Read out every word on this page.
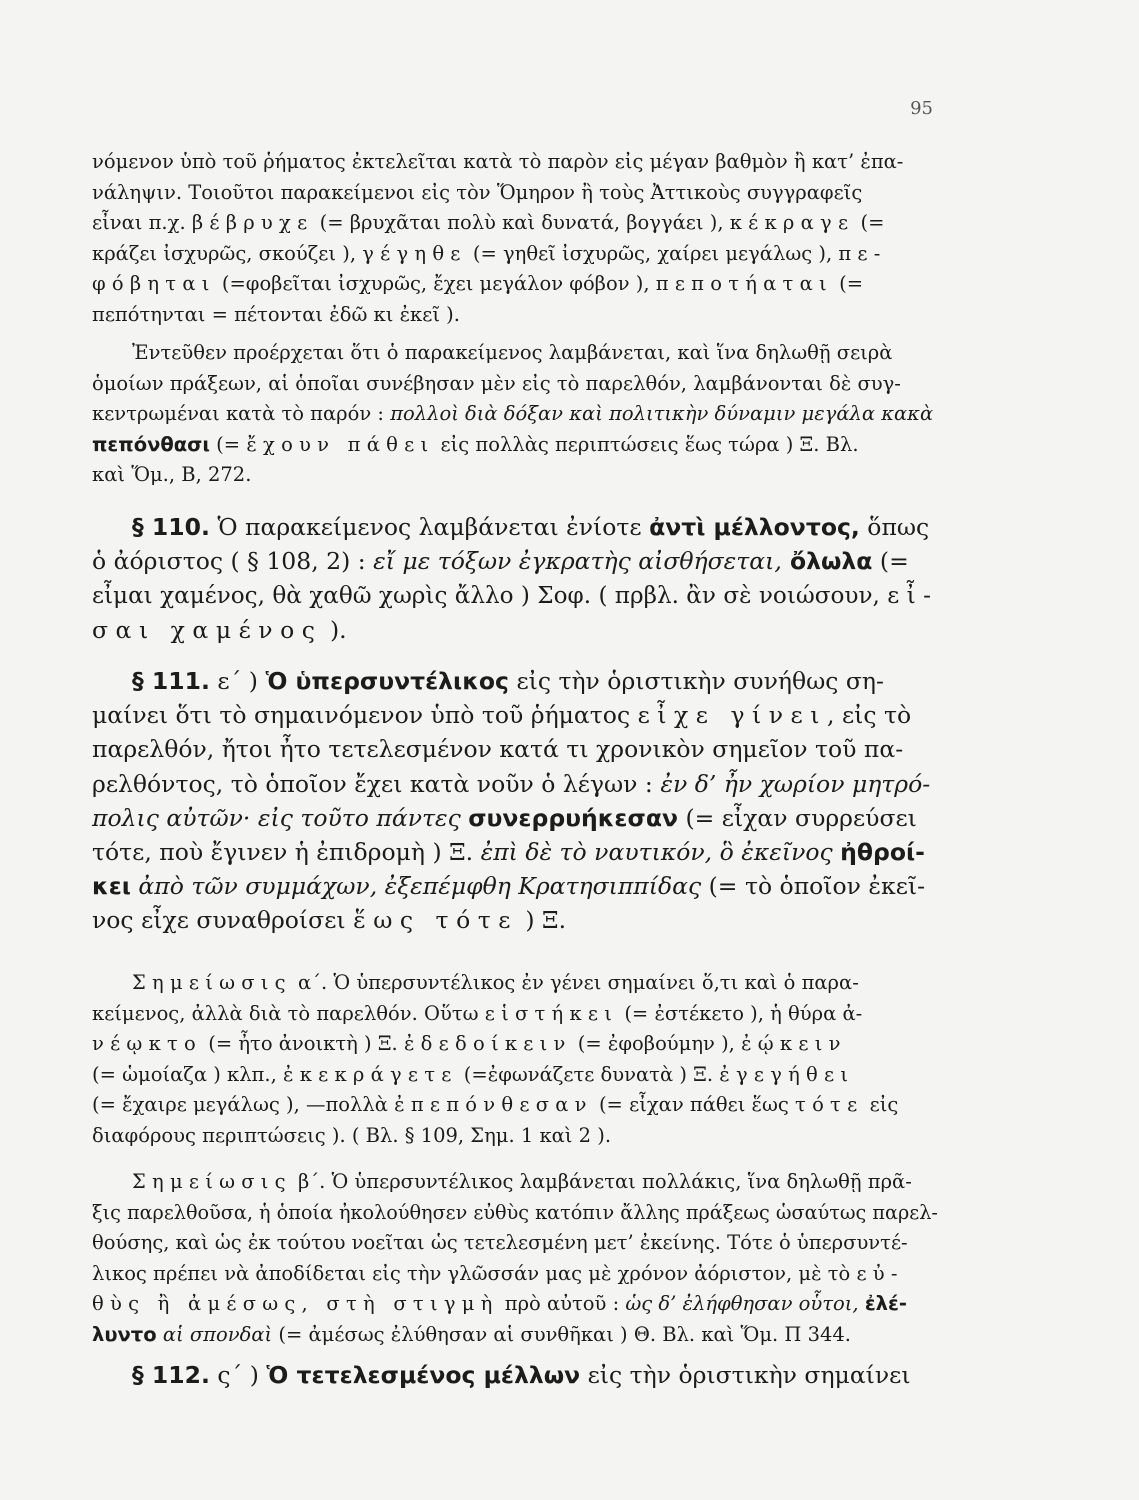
95
νόμενον ὑπὸ τοῦ ῥήματος ἐκτελεῖται κατὰ τὸ παρὸν εἰς μέγαν βαθμὸν ἢ κατ’ ἐπα-
νάληψιν. Τοιοῦτοι παρακείμενοι εἰς τὸν Ὅμηρον ἢ τοὺς Ἀττικοὺς συγγραφεῖς
εἶναι π.χ. βέβρυχε (= βρυχᾶται πολὺ καὶ δυνατά, βογγάει ), κέκραγε (=
κράζει ἰσχυρῶς, σκούζει ), γέγηθε (= γηθεῖ ἰσχυρῶς, χαίρει μεγάλως ), πε-
φόβηται (=φοβεῖται ἰσχυρῶς, ἔχει μεγάλον φόβον ), πεποτήαται (=
πεπότηνται = πέτονται ἐδῶ κι ἐκεῖ ).
Ἐντεῦθεν προέρχεται ὅτι ὁ παρακείμενος λαμβάνεται, καὶ ἵνα δηλωθῇ σειρὰ
ὁμοίων πράξεων, αἱ ὁποῖαι συνέβησαν μὲν εἰς τὸ παρελθόν, λαμβάνονται δὲ συγ-
κεντρωμέναι κατὰ τὸ παρόν : πολλοὶ διὰ δόξαν καὶ πολιτικὴν δύναμιν μεγάλα κακὰ
πεπόνθασι (= ἔχουν πάθει εἰς πολλὰς περιπτώσεις ἕως τώρα ) Ξ. Βλ.
καὶ Ὅμ., Β, 272.
§ 110. Ὁ παρακείμενος λαμβάνεται ἐνίοτε ἀντὶ μέλλοντος, ὅπως
ὁ ἀόριστος ( § 108, 2) : εἴ με τόξων ἐγκρατὴς αἰσθήσεται, ὄλωλα (=
εἶμαι χαμένος, θὰ χαθῶ χωρὶς ἄλλο ) Σοφ. ( πρβλ. ἂν σὲ νοιώσουν, εἶ-
σαι χαμένος ).
§ 111. ε΄ ) Ὁ ὑπερσυντέλικος εἰς τὴν ὁριστικὴν συνήθως ση-
μαίνει ὅτι τὸ σημαινόμενον ὑπὸ τοῦ ῥήματος εἶχε γίνει, εἰς τὸ
παρελθόν, ἤτοι ἦτο τετελεσμένον κατά τι χρονικὸν σημεῖον τοῦ πα-
ρελθόντος, τὸ ὁποῖον ἔχει κατὰ νοῦν ὁ λέγων : ἐν δ’ ἦν χωρίον μητρό-
πολις αὐτῶν· εἰς τοῦτο πάντες συνερρυήκεσαν (= εἶχαν συρρεύσει
τότε, ποὺ ἔγινεν ἡ ἐπιδρομὴ ) Ξ. ἐπὶ δὲ τὸ ναυτικόν, ὃ ἐκεῖνος ἠθροί-
κει ἀπὸ τῶν συμμάχων, ἐξεπέμφθη Κρατησιππίδας (= τὸ ὁποῖον ἐκεῖ-
νος εἶχε συναθροίσει ἕως τότε ) Ξ.
Σημείωσις α΄. Ὁ ὑπερσυντέλικος ἐν γένει σημαίνει ὅ,τι καὶ ὁ παρα-
κείμενος, ἀλλὰ διὰ τὸ παρελθόν. Οὕτω εἱστήκει (= ἐστέκετο ), ἡ θύρα ἀ-
νέῳκτο (= ἦτο ἀνοικτὴ ) Ξ. ἐδεδοίκειν (= ἐφοβούμην ), ἐῴκειν
(= ὡμοίαζα ) κλπ., ἐκεκράγετε (=ἐφωνάζετε δυνατὰ ) Ξ. ἐγεγήθει
(= ἔχαιρε μεγάλως ), —πολλὰ ἐπεπόνθεσαν (= εἶχαν πάθει ἕως τότε εἰς
διαφόρους περιπτώσεις ). ( Βλ. § 109, Σημ. 1 καὶ 2 ).
Σημείωσις β΄. Ὁ ὑπερσυντέλικος λαμβάνεται πολλάκις, ἵνα δηλωθῇ πρᾶ-
ξις παρελθοῦσα, ἡ ὁποία ἠκολούθησεν εὐθὺς κατόπιν ἄλλης πράξεως ὡσαύτως παρελ-
θούσης, καὶ ὡς ἐκ τούτου νοεῖται ὡς τετελεσμένη μετ’ ἐκείνης. Τότε ὁ ὑπερσυντέ-
λικος πρέπει νὰ ἀποδίδεται εἰς τὴν γλῶσσάν μας μὲ χρόνον ἀόριστον, μὲ τὸ εὐ-
θὺς ἢ ἀμέσως, στὴ στιγμὴ πρὸ αὐτοῦ : ὡς δ’ ἐλήφθησαν οὗτοι, ἐλέ-
λυντο αἱ σπονδαὶ (= ἀμέσως ἐλύθησαν αἱ συνθῆκαι ) Θ. Βλ. καὶ Ὅμ. Π 344.
§ 112. ς΄ ) Ὁ τετελεσμένος μέλλων εἰς τὴν ὁριστικὴν σημαίνει
